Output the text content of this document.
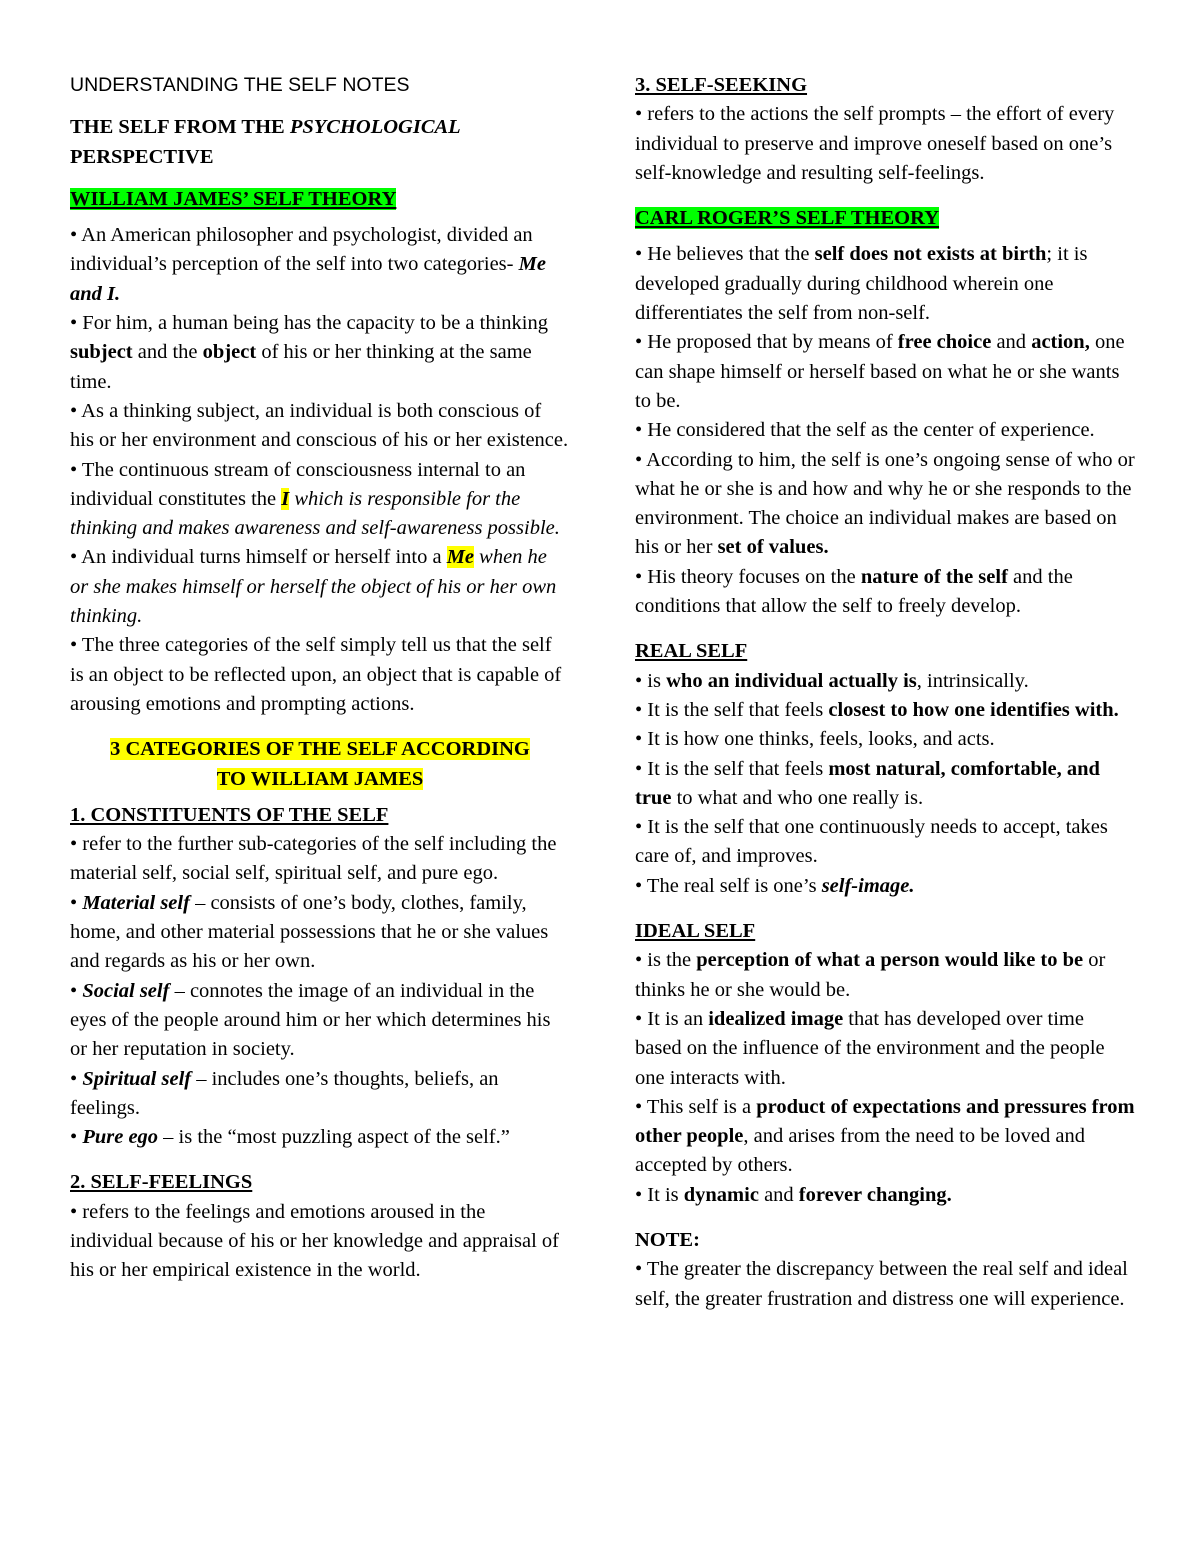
UNDERSTANDING THE SELF NOTES

THE SELF FROM THE PSYCHOLOGICAL PERSPECTIVE

WILLIAM JAMES’ SELF THEORY

• An American philosopher and psychologist, divided an individual’s perception of the self into two categories- Me and I.

• For him, a human being has the capacity to be a thinking subject and the object of his or her thinking at the same time.

• As a thinking subject, an individual is both conscious of his or her environment and conscious of his or her existence.

• The continuous stream of consciousness internal to an individual constitutes the I which is responsible for the thinking and makes awareness and self-awareness possible.

• An individual turns himself or herself into a Me when he or she makes himself or herself the object of his or her own thinking.

• The three categories of the self simply tell us that the self is an object to be reflected upon, an object that is capable of arousing emotions and prompting actions.

3 CATEGORIES OF THE SELF ACCORDING
TO WILLIAM JAMES

1. CONSTITUENTS OF THE SELF

• refer to the further sub-categories of the self including the material self, social self, spiritual self, and pure ego.

• Material self – consists of one’s body, clothes, family, home, and other material possessions that he or she values and regards as his or her own.

• Social self – connotes the image of an individual in the eyes of the people around him or her which determines his or her reputation in society.

• Spiritual self – includes one’s thoughts, beliefs, an feelings.

• Pure ego – is the “most puzzling aspect of the self.”

2. SELF-FEELINGS

• refers to the feelings and emotions aroused in the individual because of his or her knowledge and appraisal of his or her empirical existence in the world.

3. SELF-SEEKING

• refers to the actions the self prompts – the effort of every individual to preserve and improve oneself based on one’s self-knowledge and resulting self-feelings.

CARL ROGER’S SELF THEORY

• He believes that the self does not exists at birth; it is developed gradually during childhood wherein one differentiates the self from non-self.

• He proposed that by means of free choice and action, one can shape himself or herself based on what he or she wants to be.

• He considered that the self as the center of experience.

• According to him, the self is one’s ongoing sense of who or what he or she is and how and why he or she responds to the environment. The choice an individual makes are based on his or her set of values.

• His theory focuses on the nature of the self and the conditions that allow the self to freely develop.

REAL SELF

• is who an individual actually is, intrinsically.

• It is the self that feels closest to how one identifies with.

• It is how one thinks, feels, looks, and acts.

• It is the self that feels most natural, comfortable, and true to what and who one really is.

• It is the self that one continuously needs to accept, takes care of, and improves.

• The real self is one’s self-image.

IDEAL SELF

• is the perception of what a person would like to be or thinks he or she would be.

• It is an idealized image that has developed over time based on the influence of the environment and the people one interacts with.

• This self is a product of expectations and pressures from other people, and arises from the need to be loved and accepted by others.

• It is dynamic and forever changing.

NOTE:

• The greater the discrepancy between the real self and ideal self, the greater frustration and distress one will experience.
